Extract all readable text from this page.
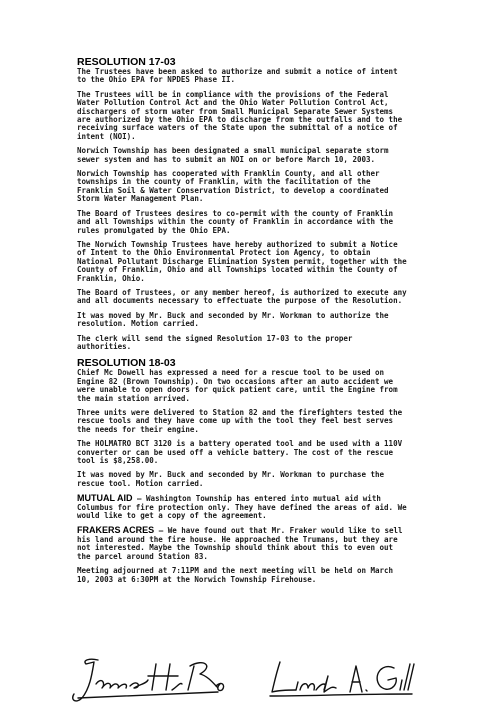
RESOLUTION 17-03

The Trustees have been asked to authorize and submit a notice of intent to the Ohio EPA for NPDES Phase II.

The Trustees will be in compliance with the provisions of the Federal Water Pollution Control Act and the Ohio Water Pollution Control Act, dischargers of storm water from Small Municipal Separate Sewer Systems are authorized by the Ohio EPA to discharge from the outfalls and to the receiving surface waters of the State upon the submittal of a notice of intent (NOI).

Norwich Township has been designated a small municipal separate storm sewer system and has to submit an NOI on or before March 10, 2003.

Norwich Township has cooperated with Franklin County, and all other townships in the county of Franklin, with the facilitation of the Franklin Soil & Water Conservation District, to develop a coordinated Storm Water Management Plan.

The Board of Trustees desires to co-permit with the county of Franklin and all Townships within the county of Franklin in accordance with the rules promulgated by the Ohio EPA.

The Norwich Township Trustees have hereby authorized to submit a Notice of Intent to the Ohio Environmental Protect ion Agency, to obtain National Pollutant Discharge Elimination System permit, together with the County of Franklin, Ohio and all Townships located within the County of Franklin, Ohio.

The Board of Trustees, or any member hereof, is authorized to execute any and all documents necessary to effectuate the purpose of the Resolution.

It was moved by Mr. Buck and seconded by Mr. Workman to authorize the resolution. Motion carried.

The clerk will send the signed Resolution 17-03 to the proper authorities.

RESOLUTION 18-03

Chief Mc Dowell has expressed a need for a rescue tool to be used on Engine 82 (Brown Township). On two occasions after an auto accident we were unable to open doors for quick patient care, until the Engine from the main station arrived.

Three units were delivered to Station 82 and the firefighters tested the rescue tools and they have come up with the tool they feel best serves the needs for their engine.

The HOLMATRO BCT 3120 is a battery operated tool and be used with a 110V converter or can be used off a vehicle battery. The cost of the rescue tool is $8,258.00.

It was moved by Mr. Buck and seconded by Mr. Workman to purchase the rescue tool. Motion carried.

MUTUAL AID – Washington Township has entered into mutual aid with Columbus for fire protection only. They have defined the areas of aid. We would like to get a copy of the agreement.

FRAKERS ACRES – We have found out that Mr. Fraker would like to sell his land around the fire house. He approached the Trumans, but they are not interested. Maybe the Township should think about this to even out the parcel around Station 83.

Meeting adjourned at 7:11PM and the next meeting will be held on March 10, 2003 at 6:30PM at the Norwich Township Firehouse.
